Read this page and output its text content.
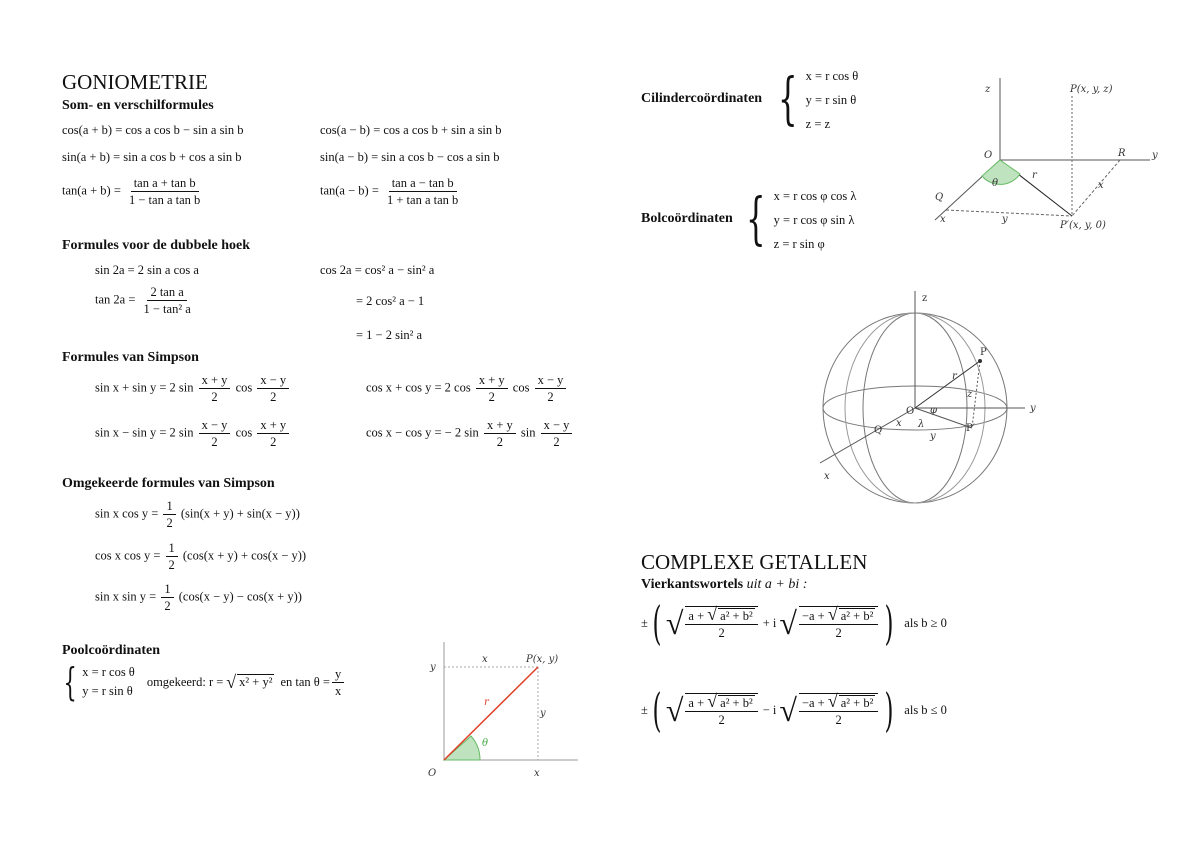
GONIOMETRIE
Som- en verschilformules
cos(a + b) = cos a cos b − sin a sin b	cos(a − b) = cos a cos b + sin a sin b
sin(a + b) = sin a cos b + cos a sin b	sin(a − b) = sin a cos b − cos a sin b
$\tan(a + b) = \frac{\text{tan a + tan b}}{\text{1 − tan a tan b}}$	$\tan(a - b) = \frac{\text{tan a − tan b}}{\text{1 + tan a tan b}}$
Formules voor de dubbele hoek
sin 2a = 2 sin a cos a	cos 2a = cos² a − sin² a
$\tan 2a = \frac{\text{2 tan a}}{\text{1 − tan² a}}$	= 2 cos² a − 1
= 1 − 2 sin² a
Formules van Simpson
sin x + sin y = 2 $\sin \frac{x + y}{2}$ $\cos \frac{x - y}{2}$	cos x + cos y = 2 $\cos \frac{x + y}{2}$ $\cos \frac{x - y}{2}$
sin x − sin y = 2 $\sin \frac{x - y}{2}$ $\cos \frac{x + y}{2}$	cos x − cos y = − 2 $\sin \frac{x + y}{2}$ $\sin \frac{x - y}{2}$
Omgekeerde formules van Simpson
sin x $\cos y = \frac{1}{2} (\sin(x + y) + \sin(x - y))$
cos x $\cos y = \frac{1}{2} (\cos(x + y) + \cos(x - y))$
sin x $\sin y = \frac{1}{2} (\cos(x - y) - \cos(x + y))$
Poolcoördinaten
{ x = r cos θ
y = r sin θ
omgekeerd: r = √ x² + y² en $\tan \theta = \frac{y}{x}$	y
x	P(x, y)
r
y
θ
O	x
Cilindercoördinaten { x = r cos θ
y = r sin θ
z = z
Bolcoördinaten { x = r cos φ cos λ
y = r cos φ sin λ
z = r sin φ
z	P(x, y, z)
O	R	y
θ
r
Q
x	y
x
P′(x, y, 0)
z
P
r
z
O φ	y
Q
x λ
y
P′
x
COMPLEXE GETALLEN
Vierkantswortels uit a + bi :
± ( √ $\frac{\text{a + √ a² + b²}}{2} + i$ √ $\frac{\text{−a + √ a² + b²}}{2}$ ) als b ≥ 0
± ( √ $\frac{\text{a + √ a² + b²}}{2} - i$ √ $\frac{\text{−a + √ a² + b²}}{2}$ ) als b ≤ 0
